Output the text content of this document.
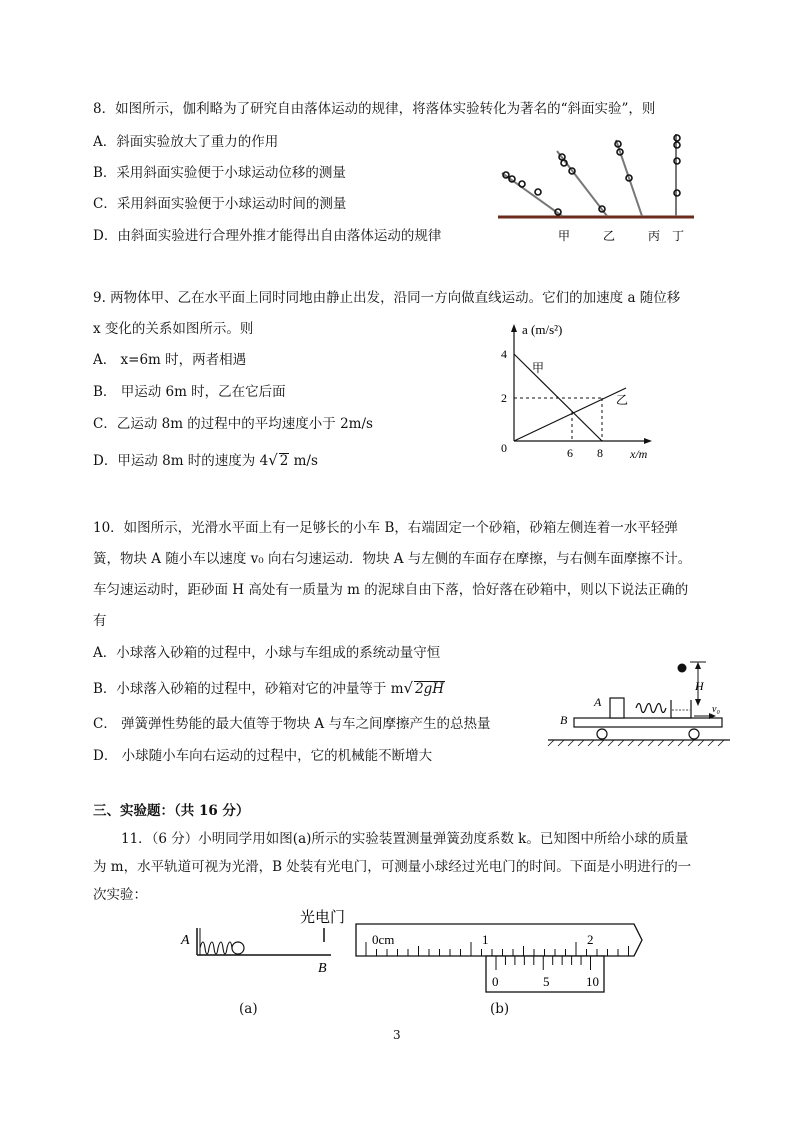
8．如图所示，伽利略为了研究自由落体运动的规律，将落体实验转化为著名的“斜面实验”，则
A．斜面实验放大了重力的作用
B．采用斜面实验便于小球运动位移的测量
C．采用斜面实验便于小球运动时间的测量
D．由斜面实验进行合理外推才能得出自由落体运动的规律	甲	乙	丙 丁
9. 两物体甲、乙在水平面上同时同地由静止出发，沿同一方向做直线运动。它们的加速度 a 随位移
x 变化的关系如图所示。则
A． x=6m 时，两者相遇
B． 甲运动 6m 时，乙在它后面
C．乙运动 8m 的过程中的平均速度小于 2m/s
D．甲运动 8m 时的速度为 4√ 2 m/s
a (m/s²)
4
2
0	6 8 x/m
甲
乙
10．如图所示，光滑水平面上有一足够长的小车 B，右端固定一个砂箱，砂箱左侧连着一水平轻弹
簧，物块 A 随小车以速度 v₀ 向右匀速运动．物块 A 与左侧的车面存在摩擦，与右侧车面摩擦不计。
车匀速运动时，距砂面 H 高处有一质量为 m 的泥球自由下落，恰好落在砂箱中，则以下说法正确的
有
A．小球落入砂箱的过程中，小球与车组成的系统动量守恒
B．小球落入砂箱的过程中，砂箱对它的冲量等于 m√ 2gH
C． 弹簧弹性势能的最大值等于物块 A 与车之间摩擦产生的总热量
D． 小球随小车向右运动的过程中，它的机械能不断增大
H
A
v₀
B
三、实验题：（共 16 分）
11．（6 分）小明同学用如图(a)所示的实验装置测量弹簧劲度系数 k。已知图中所给小球的质量
为 m，水平轨道可视为光滑，B 处装有光电门，可测量小球经过光电门的时间。下面是小明进行的一
次实验：
A
光电门
B
(a)
0cm	1	2
0	5	10
(b)
3
